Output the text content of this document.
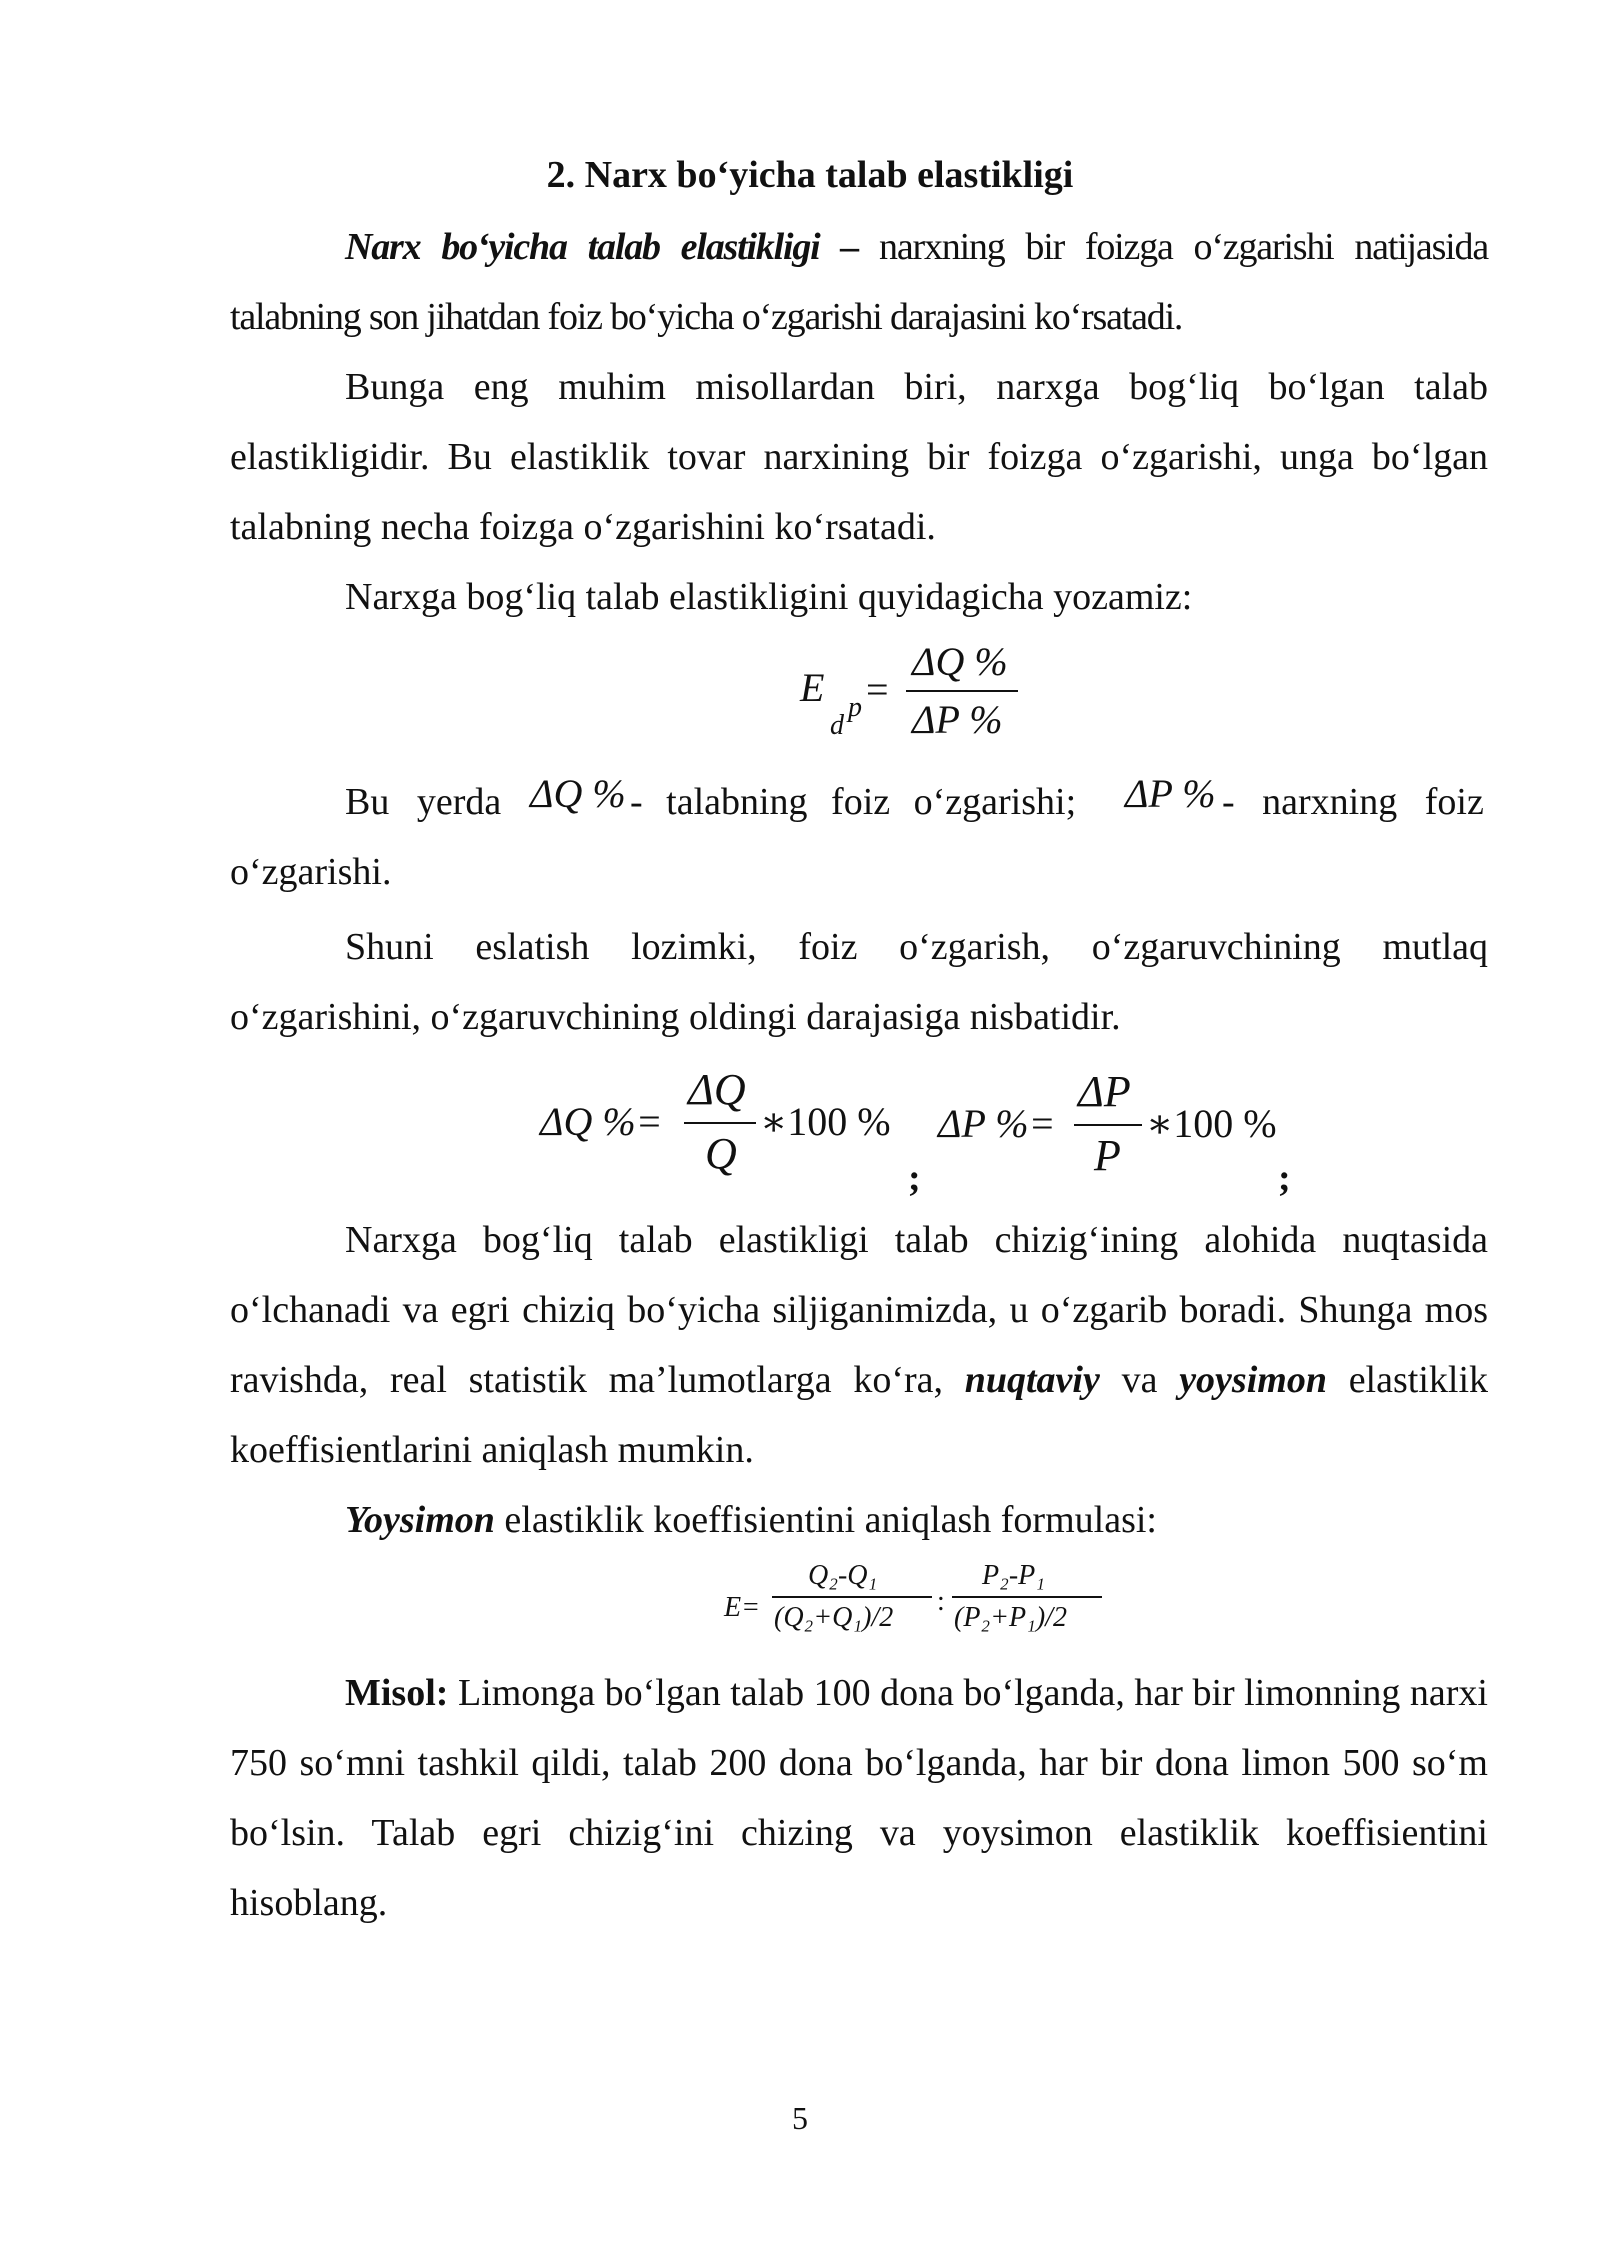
2. Narx bo‘yicha talab elastikligi

Narx bo‘yicha talab elastikligi – narxning bir foizga o‘zgarishi natijasida talabning son jihatdan foiz bo‘yicha o‘zgarishi darajasini ko‘rsatadi.

Bunga eng muhim misollardan biri, narxga bog‘liq bo‘lgan talab elastikligidir. Bu elastiklik tovar narxining bir foizga o‘zgarishi, unga bo‘lgan talabning necha foizga o‘zgarishini ko‘rsatadi.

Narxga bog‘liq talab elastikligini quyidagicha yozamiz:

E
d
p =
ΔQ %
ΔP %
Bu yerda ΔQ % - talabning foiz o‘zgarishi; ΔP % - narxning foiz
o‘zgarishi.

Shuni eslatish lozimki, foiz o‘zgarish, o‘zgaruvchining mutlaq o‘zgarishini, o‘zgaruvchining oldingi darajasiga nisbatidir.

ΔQ %=
ΔQ
Q
∗100 %
;
ΔP %=
ΔP
P
∗100 %
;

Narxga bog‘liq talab elastikligi talab chizig‘ining alohida nuqtasida o‘lchanadi va egri chiziq bo‘yicha siljiganimizda, u o‘zgarib boradi. Shunga mos ravishda, real statistik ma’lumotlarga ko‘ra, nuqtaviy va yoysimon elastiklik koeffisientlarini aniqlash mumkin.

Yoysimon elastiklik koeffisientini aniqlash formulasi:

E=
Q₂-Q₁
(Q₂+Q₁)/2
:
P₂-P₁
(P₂+P₁)/2

Misol: Limonga bo‘lgan talab 100 dona bo‘lganda, har bir limonning narxi 750 so‘mni tashkil qildi, talab 200 dona bo‘lganda, har bir dona limon 500 so‘m bo‘lsin. Talab egri chizig‘ini chizing va yoysimon elastiklik koeffisientini hisoblang.

5
